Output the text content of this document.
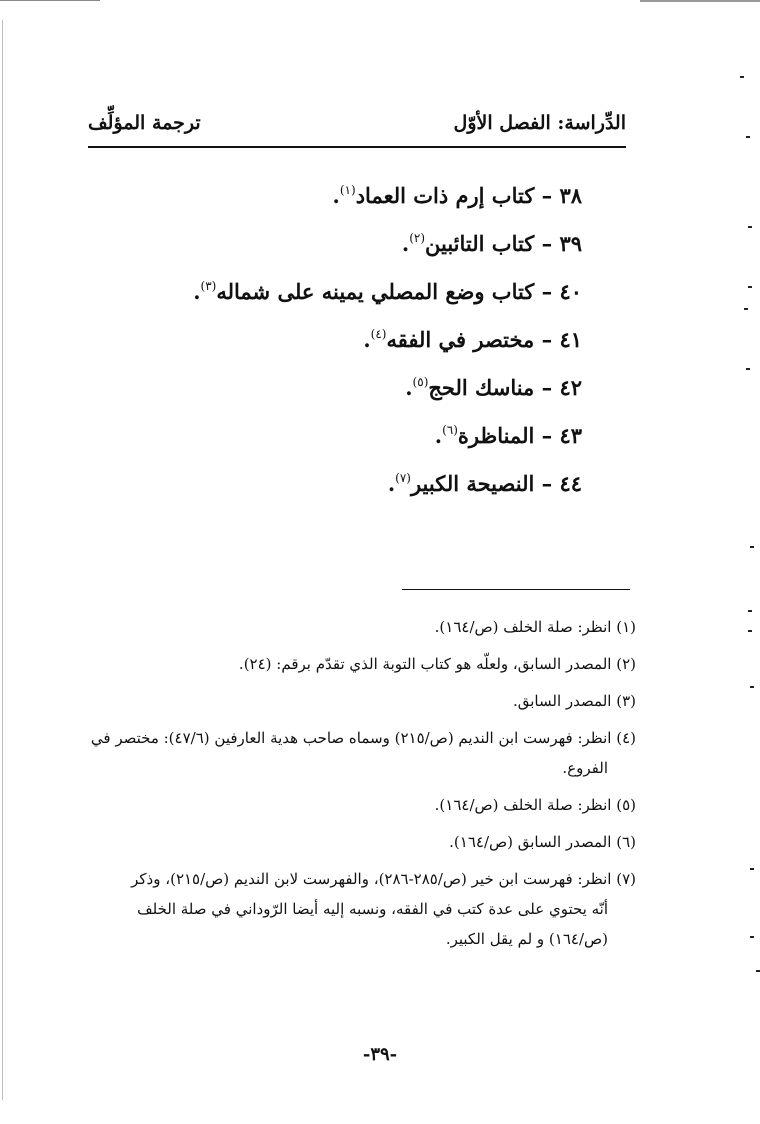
الدِّراسة: الفصل الأوّل
ترجمة المؤلِّف
٣٨ – كتاب إرم ذات العماد$^{(١)}$.
٣٩ – كتاب التائبين$^{(٢)}$.
٤٠ – كتاب وضع المصلي يمينه على شماله$^{(٣)}$.
٤١ – مختصر في الفقه$^{(٤)}$.
٤٢ – مناسك الحج$^{(٥)}$.
٤٣ – المناظرة$^{(٦)}$.
٤٤ – النصيحة الكبير$^{(٧)}$.
(١) انظر: صلة الخلف (ص/١٦٤).
(٢) المصدر السابق، ولعلّه هو كتاب التوبة الذي تقدّم برقم: (٢٤).
(٣) المصدر السابق.
(٤) انظر: فهرست ابن النديم (ص/٢١٥) وسماه صاحب هدية العارفين (٤٧/٦): مختصر في
الفروع.
(٥) انظر: صلة الخلف (ص/١٦٤).
(٦) المصدر السابق (ص/١٦٤).
(٧) انظر: فهرست ابن خير (ص/٢٨٥-٢٨٦)، والفهرست لابن النديم (ص/٢١٥)، وذكر
أنّه يحتوي على عدة كتب في الفقه، ونسبه إليه أيضا الرّوداني في صلة الخلف
(ص/١٦٤) و لم يقل الكبير.
-٣٩-
